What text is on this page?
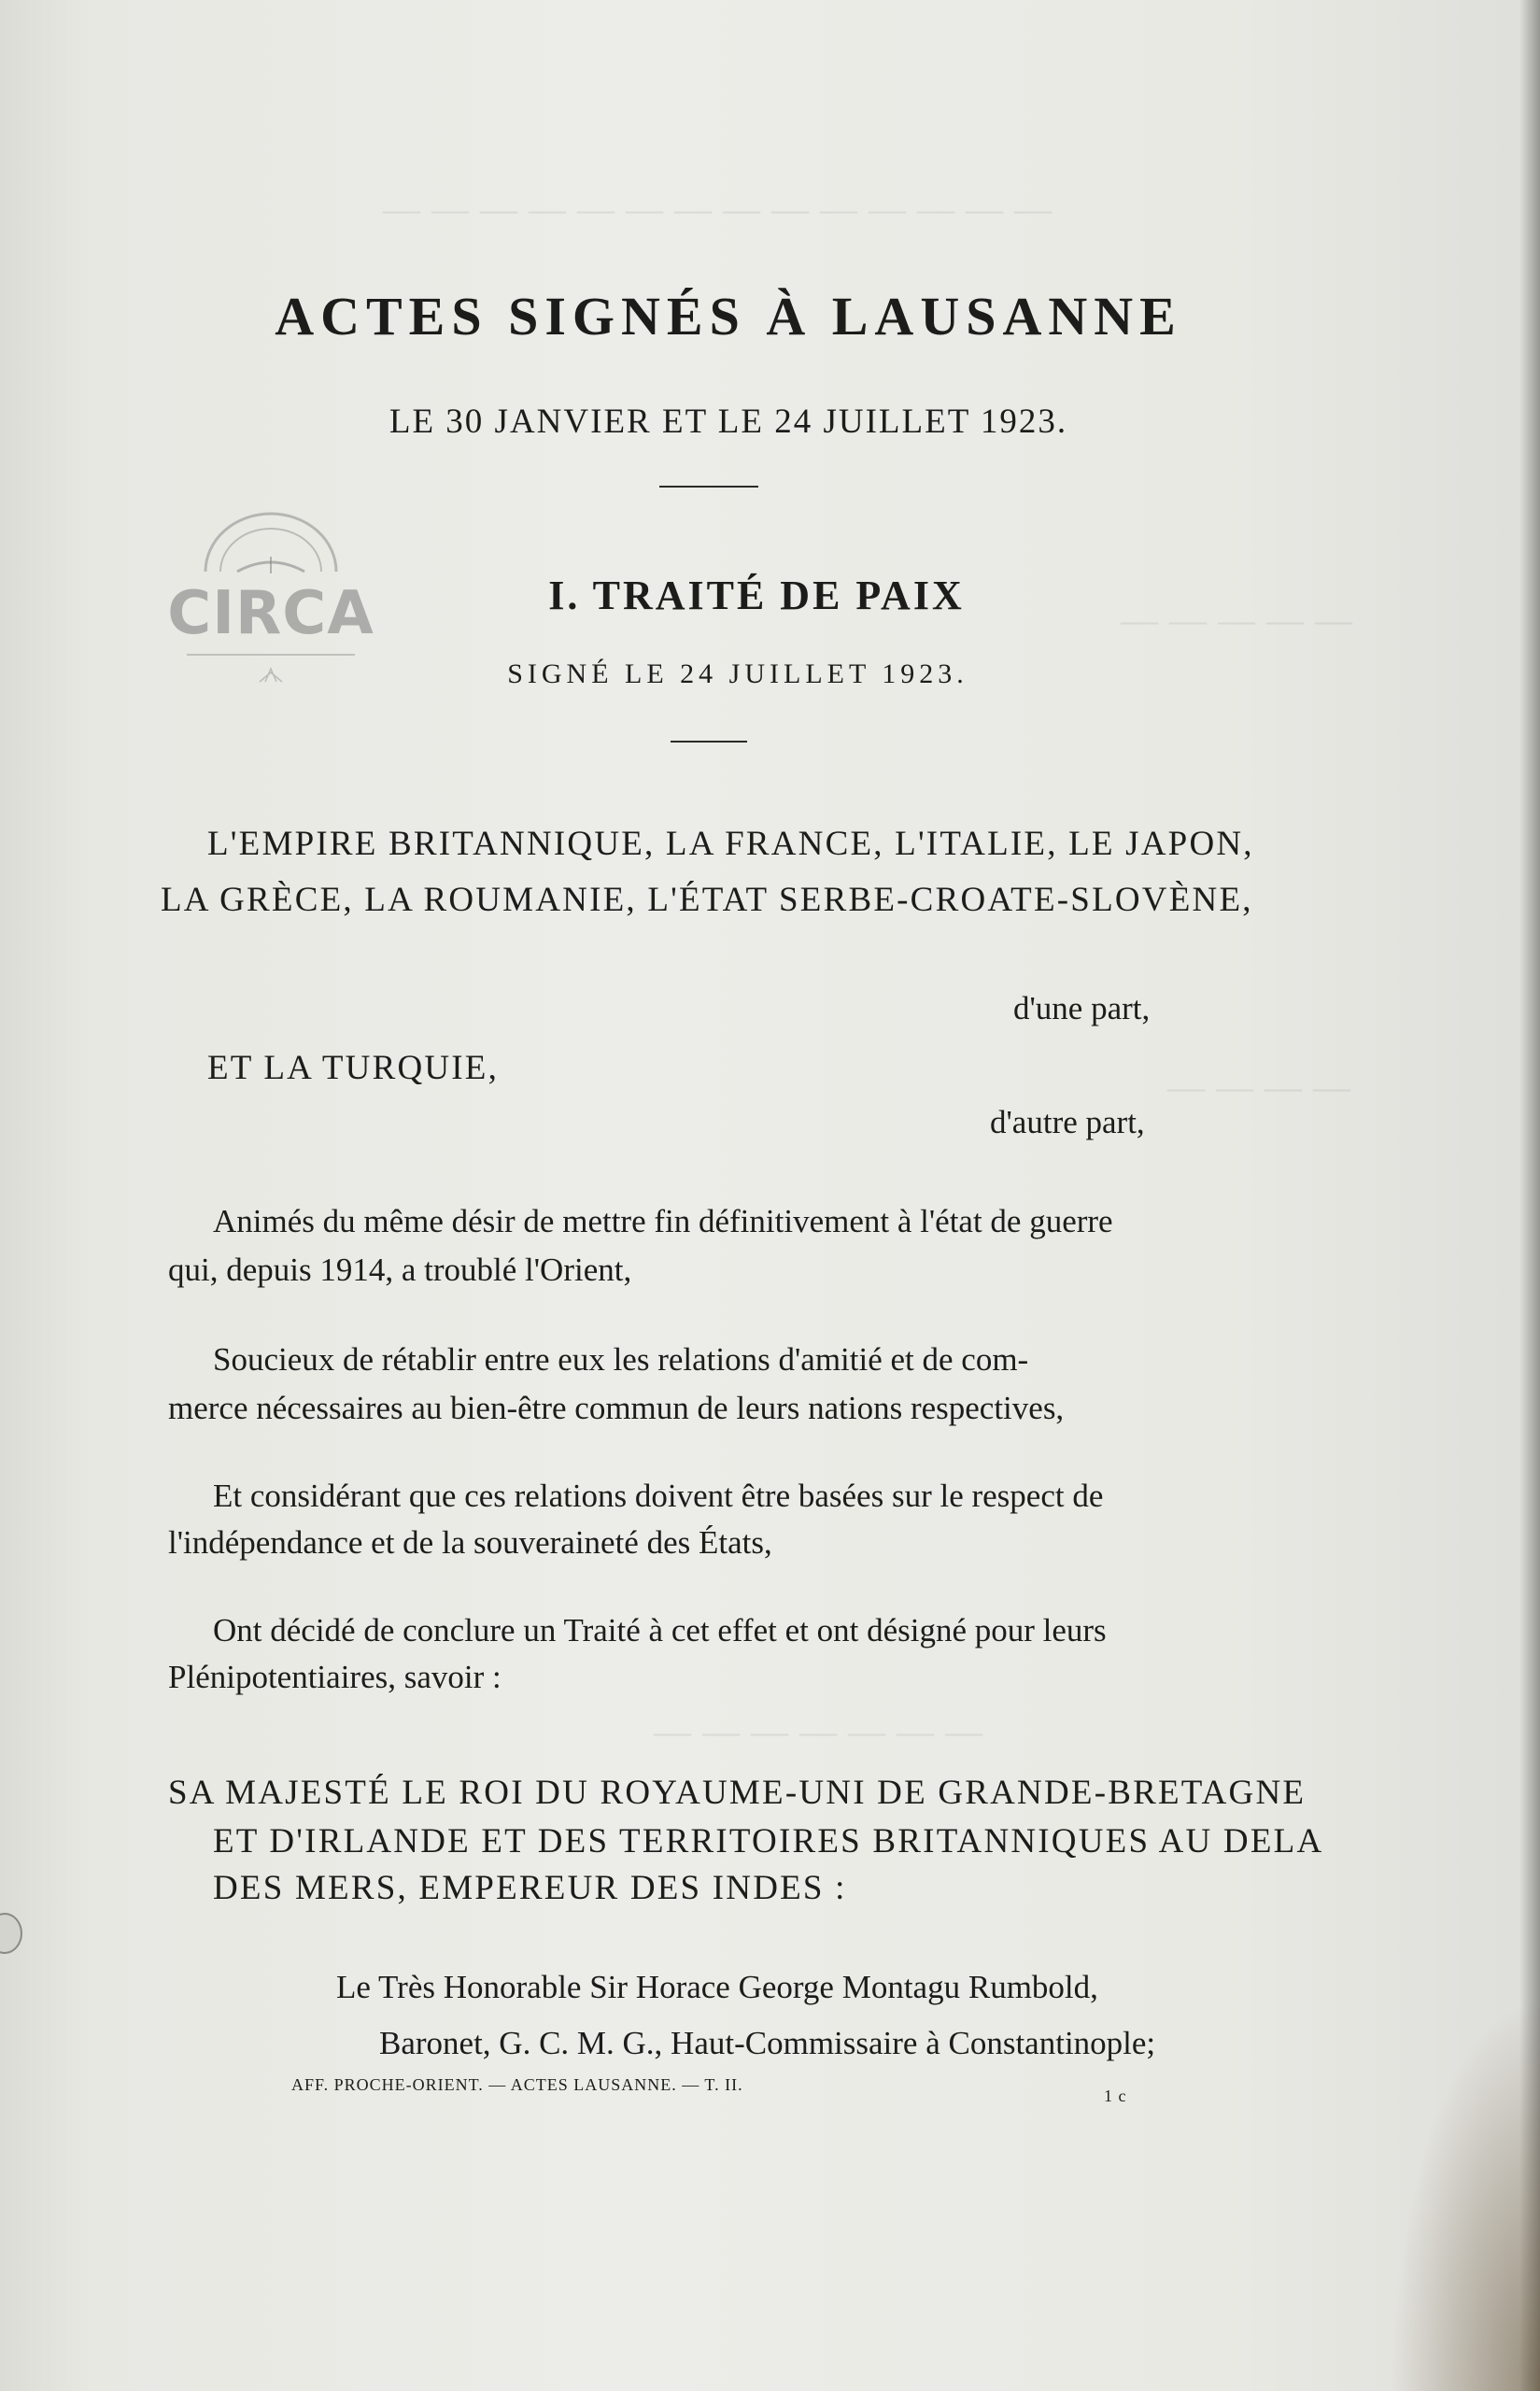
— — — — — — — — — — — — — —
— — — — —
— — — —
— — — — — — —
CIRCA

ACTES SIGNÉS À LAUSANNE

LE 30 JANVIER ET LE 24 JUILLET 1923.

I. TRAITÉ DE PAIX

SIGNÉ LE 24 JUILLET 1923.

L'EMPIRE BRITANNIQUE, LA FRANCE, L'ITALIE, LE JAPON,

LA GRÈCE, LA ROUMANIE, L'ÉTAT SERBE-CROATE-SLOVÈNE,

d'une part,

ET LA TURQUIE,

d'autre part,

Animés du même désir de mettre fin définitivement à l'état de guerre

qui, depuis 1914, a troublé l'Orient,

Soucieux de rétablir entre eux les relations d'amitié et de com-

merce nécessaires au bien-être commun de leurs nations respectives,

Et considérant que ces relations doivent être basées sur le respect de

l'indépendance et de la souveraineté des États,

Ont décidé de conclure un Traité à cet effet et ont désigné pour leurs

Plénipotentiaires, savoir :

SA MAJESTÉ LE ROI DU ROYAUME-UNI DE GRANDE-BRETAGNE

ET D'IRLANDE ET DES TERRITOIRES BRITANNIQUES AU DELA

DES MERS, EMPEREUR DES INDES :

Le Très Honorable Sir Horace George Montagu Rumbold,

Baronet, G. C. M. G., Haut-Commissaire à Constantinople;

AFF. PROCHE-ORIENT. — ACTES LAUSANNE. — T. II.

1 c
